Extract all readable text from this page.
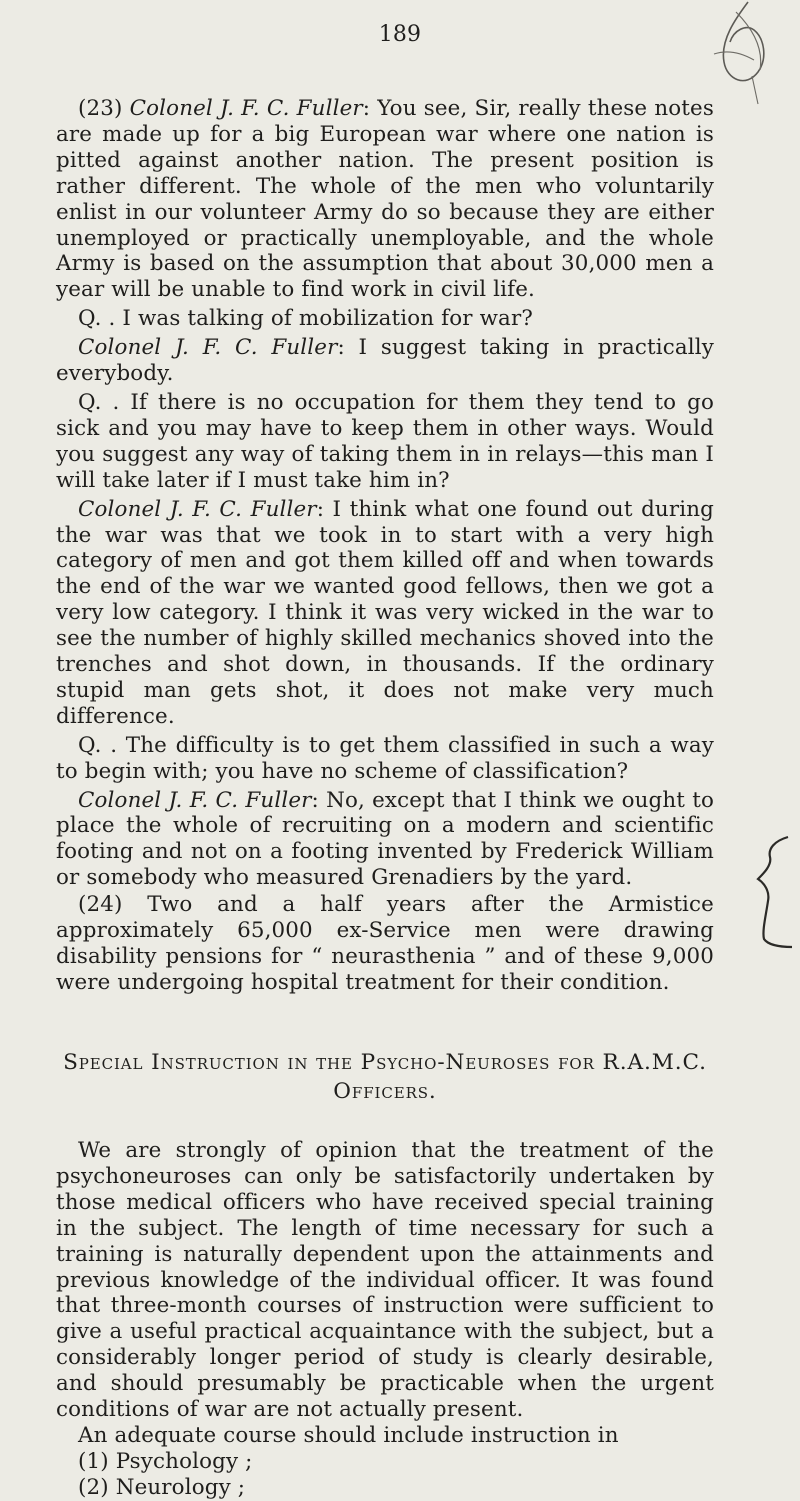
189

(23) Colonel J. F. C. Fuller: You see, Sir, really these notes are made up for a big European war where one nation is pitted against another nation. The present position is rather different. The whole of the men who voluntarily enlist in our volunteer Army do so because they are either unemployed or practically unemployable, and the whole Army is based on the assumption that about 30,000 men a year will be unable to find work in civil life.

Q. . I was talking of mobilization for war?

Colonel J. F. C. Fuller: I suggest taking in practically everybody.

Q. . If there is no occupation for them they tend to go sick and you may have to keep them in other ways. Would you suggest any way of taking them in in relays—this man I will take later if I must take him in?

Colonel J. F. C. Fuller: I think what one found out during the war was that we took in to start with a very high category of men and got them killed off and when towards the end of the war we wanted good fellows, then we got a very low category. I think it was very wicked in the war to see the number of highly skilled mechanics shoved into the trenches and shot down, in thousands. If the ordinary stupid man gets shot, it does not make very much difference.

Q. . The difficulty is to get them classified in such a way to begin with; you have no scheme of classification?

Colonel J. F. C. Fuller: No, except that I think we ought to place the whole of recruiting on a modern and scientific footing and not on a footing invented by Frederick William or somebody who measured Grenadiers by the yard.

(24) Two and a half years after the Armistice approximately 65,000 ex-Service men were drawing disability pensions for “ neurasthenia ” and of these 9,000 were undergoing hospital treatment for their condition.

Special Instruction in the Psycho-Neuroses for R.A.M.C.
Officers.

We are strongly of opinion that the treatment of the psychoneuroses can only be satisfactorily undertaken by those medical officers who have received special training in the subject. The length of time necessary for such a training is naturally dependent upon the attainments and previous knowledge of the individual officer. It was found that three-month courses of instruction were sufficient to give a useful practical acquaintance with the subject, but a considerably longer period of study is clearly desirable, and should presumably be practicable when the urgent conditions of war are not actually present.

An adequate course should include instruction in

(1) Psychology ;

(2) Neurology ;
